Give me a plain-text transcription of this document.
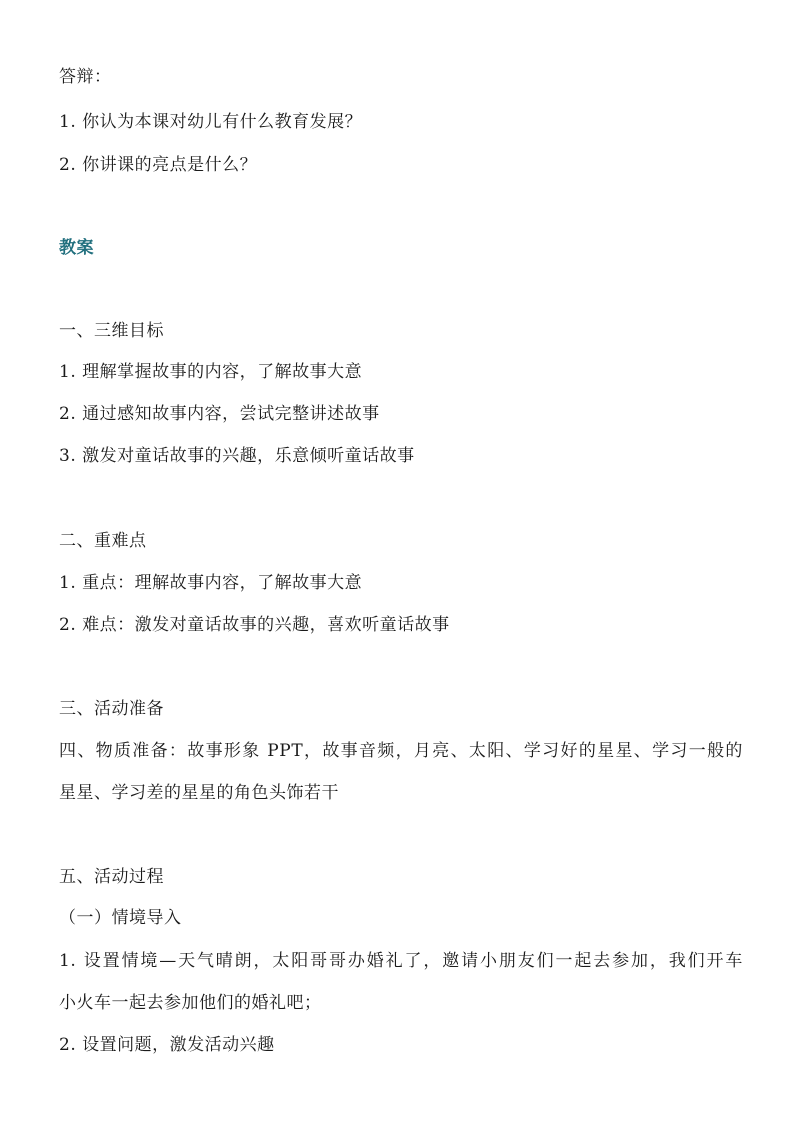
答辩：
1. 你认为本课对幼儿有什么教育发展？
2. 你讲课的亮点是什么？
教案
一、三维目标
1. 理解掌握故事的内容，了解故事大意
2. 通过感知故事内容，尝试完整讲述故事
3. 激发对童话故事的兴趣，乐意倾听童话故事
二、重难点
1. 重点：理解故事内容，了解故事大意
2. 难点：激发对童话故事的兴趣，喜欢听童话故事
三、活动准备
四、物质准备：故事形象 PPT，故事音频，月亮、太阳、学习好的星星、学习一般的
星星、学习差的星星的角色头饰若干
五、活动过程
（一）情境导入
1. 设置情境—天气晴朗，太阳哥哥办婚礼了，邀请小朋友们一起去参加，我们开车
小火车一起去参加他们的婚礼吧；
2. 设置问题，激发活动兴趣
